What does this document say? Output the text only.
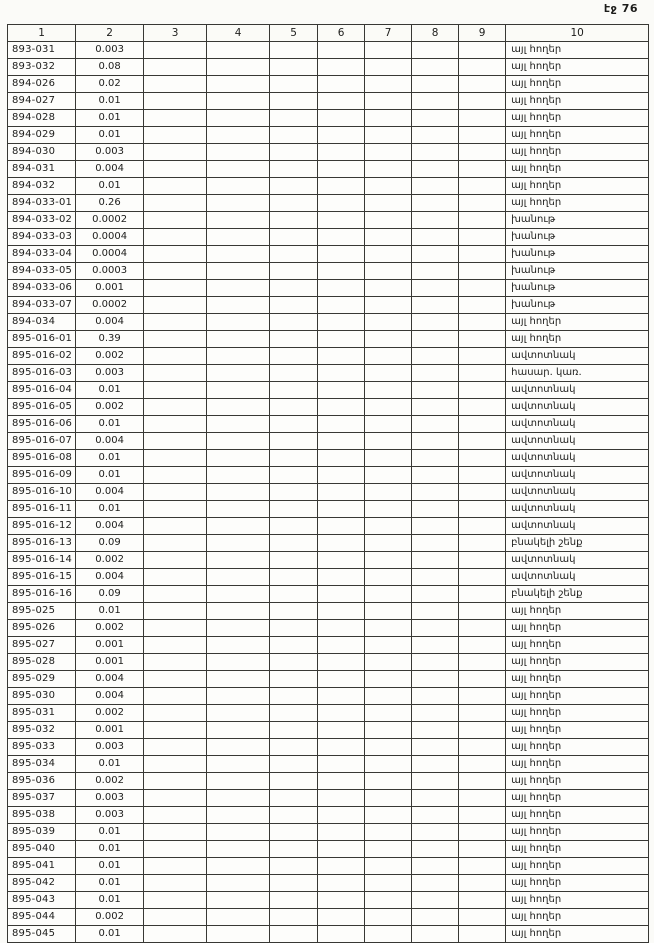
էջ 76
1	2	3	4	5	6	7	8	9	10
893-031	0.003								այլ հողեր
893-032	0.08								այլ հողեր
894-026	0.02								այլ հողեր
894-027	0.01								այլ հողեր
894-028	0.01								այլ հողեր
894-029	0.01								այլ հողեր
894-030	0.003								այլ հողեր
894-031	0.004								այլ հողեր
894-032	0.01								այլ հողեր
894-033-01	0.26								այլ հողեր
894-033-02	0.0002								խանութ
894-033-03	0.0004								խանութ
894-033-04	0.0004								խանութ
894-033-05	0.0003								խանութ
894-033-06	0.001								խանութ
894-033-07	0.0002								խանութ
894-034	0.004								այլ հողեր
895-016-01	0.39								այլ հողեր
895-016-02	0.002								ավտոտնակ
895-016-03	0.003								հասար. կառ.
895-016-04	0.01								ավտոտնակ
895-016-05	0.002								ավտոտնակ
895-016-06	0.01								ավտոտնակ
895-016-07	0.004								ավտոտնակ
895-016-08	0.01								ավտոտնակ
895-016-09	0.01								ավտոտնակ
895-016-10	0.004								ավտոտնակ
895-016-11	0.01								ավտոտնակ
895-016-12	0.004								ավտոտնակ
895-016-13	0.09								բնակելի շենք
895-016-14	0.002								ավտոտնակ
895-016-15	0.004								ավտոտնակ
895-016-16	0.09								բնակելի շենք
895-025	0.01								այլ հողեր
895-026	0.002								այլ հողեր
895-027	0.001								այլ հողեր
895-028	0.001								այլ հողեր
895-029	0.004								այլ հողեր
895-030	0.004								այլ հողեր
895-031	0.002								այլ հողեր
895-032	0.001								այլ հողեր
895-033	0.003								այլ հողեր
895-034	0.01								այլ հողեր
895-036	0.002								այլ հողեր
895-037	0.003								այլ հողեր
895-038	0.003								այլ հողեր
895-039	0.01								այլ հողեր
895-040	0.01								այլ հողեր
895-041	0.01								այլ հողեր
895-042	0.01								այլ հողեր
895-043	0.01								այլ հողեր
895-044	0.002								այլ հողեր
895-045	0.01								այլ հողեր
